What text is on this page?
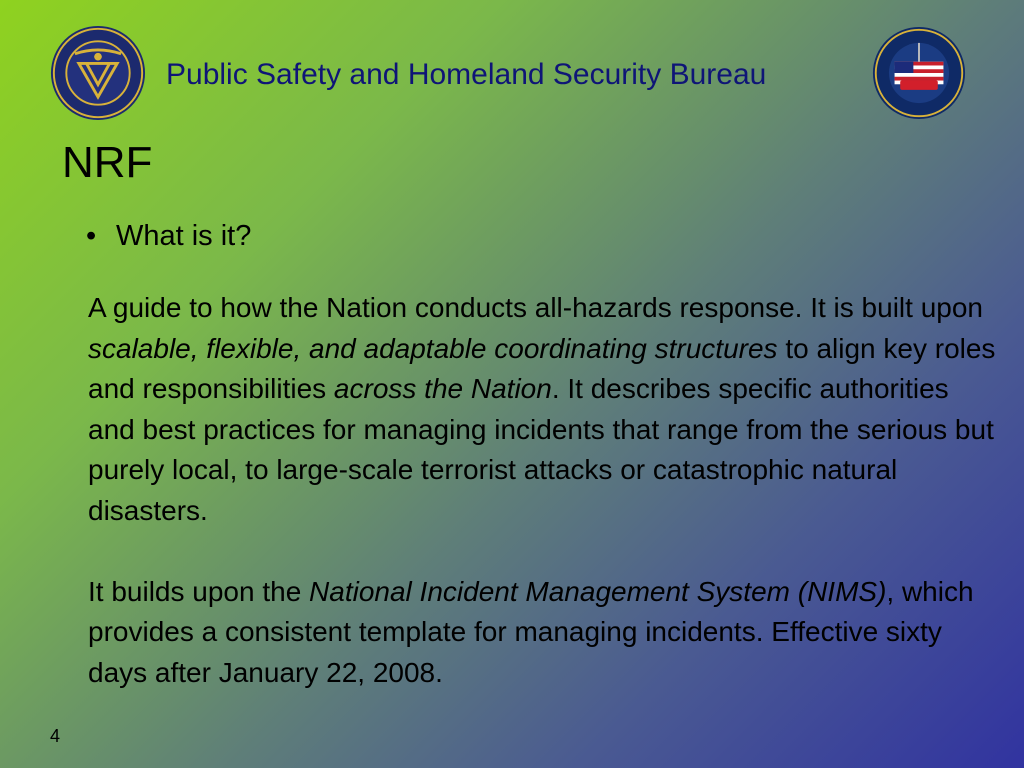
Public Safety and Homeland Security Bureau
NRF
• What is it?

A guide to how the Nation conducts all-hazards response. It is built upon scalable, flexible, and adaptable coordinating structures to align key roles and responsibilities across the Nation. It describes specific authorities and best practices for managing incidents that range from the serious but purely local, to large-scale terrorist attacks or catastrophic natural disasters.

It builds upon the National Incident Management System (NIMS), which provides a consistent template for managing incidents. Effective sixty days after January 22, 2008.

4
